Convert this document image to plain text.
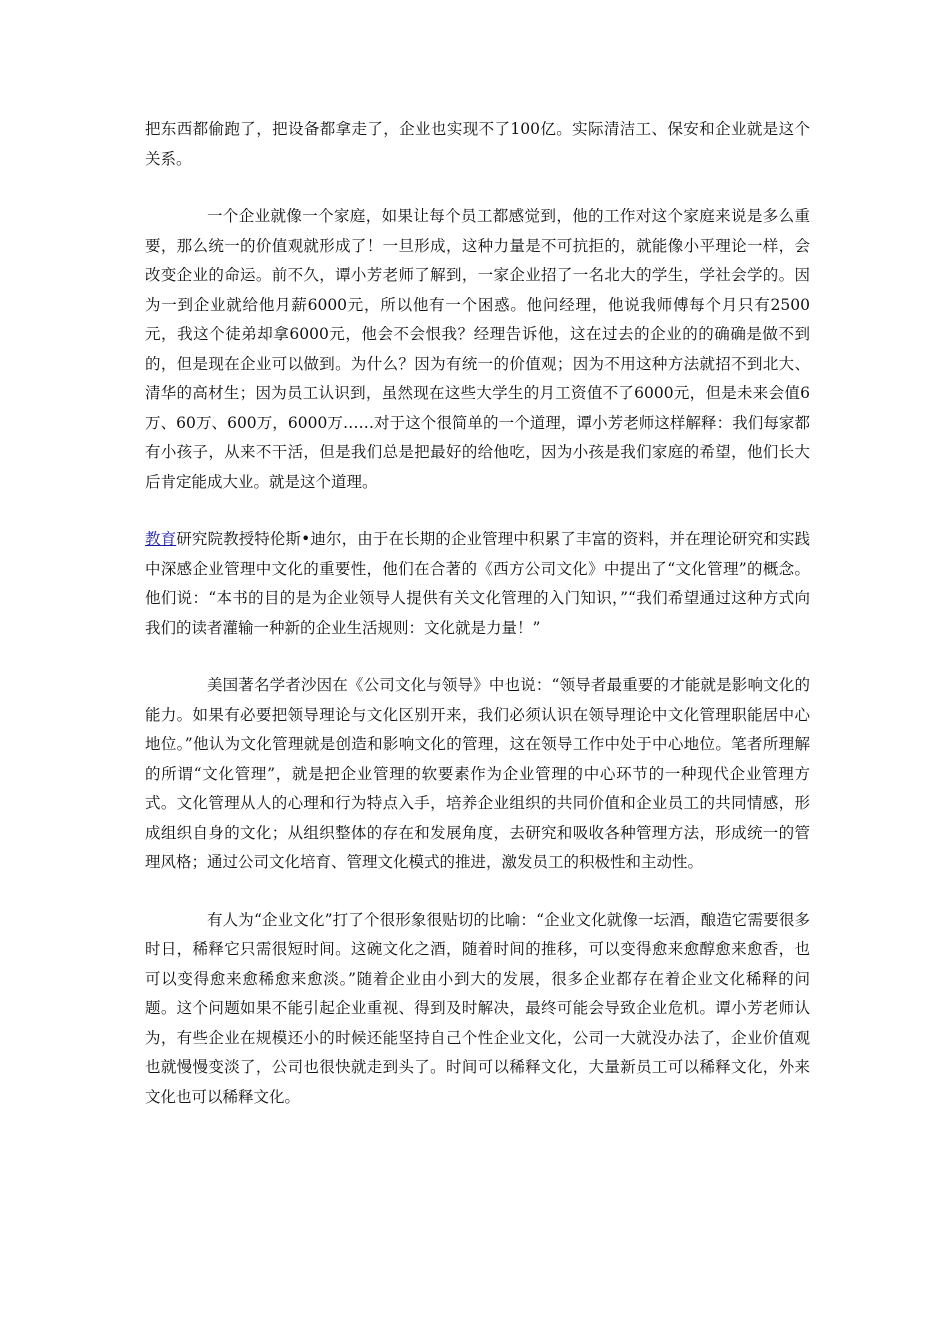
把东西都偷跑了，把设备都拿走了，企业也实现不了100亿。实际清洁工、保安和企业就是这个关系。

一个企业就像一个家庭，如果让每个员工都感觉到，他的工作对这个家庭来说是多么重要，那么统一的价值观就形成了！一旦形成，这种力量是不可抗拒的，就能像小平理论一样，会改变企业的命运。前不久，谭小芳老师了解到，一家企业招了一名北大的学生，学社会学的。因为一到企业就给他月薪6000元，所以他有一个困惑。他问经理，他说我师傅每个月只有2500元，我这个徒弟却拿6000元，他会不会恨我？经理告诉他，这在过去的企业的的确确是做不到的，但是现在企业可以做到。为什么？因为有统一的价值观；因为不用这种方法就招不到北大、清华的高材生；因为员工认识到，虽然现在这些大学生的月工资值不了6000元，但是未来会值6万、60万、600万，6000万……对于这个很简单的一个道理，谭小芳老师这样解释：我们每家都有小孩子，从来不干活，但是我们总是把最好的给他吃，因为小孩是我们家庭的希望，他们长大后肯定能成大业。就是这个道理。

教育研究院教授特伦斯•迪尔，由于在长期的企业管理中积累了丰富的资料，并在理论研究和实践中深感企业管理中文化的重要性，他们在合著的《西方公司文化》中提出了“文化管理”的概念。他们说：“本书的目的是为企业领导人提供有关文化管理的入门知识，”“我们希望通过这种方式向我们的读者灌输一种新的企业生活规则：文化就是力量！”

美国著名学者沙因在《公司文化与领导》中也说：“领导者最重要的才能就是影响文化的能力。如果有必要把领导理论与文化区别开来，我们必须认识在领导理论中文化管理职能居中心地位。”他认为文化管理就是创造和影响文化的管理，这在领导工作中处于中心地位。笔者所理解的所谓“文化管理”，就是把企业管理的软要素作为企业管理的中心环节的一种现代企业管理方式。文化管理从人的心理和行为特点入手，培养企业组织的共同价值和企业员工的共同情感，形成组织自身的文化；从组织整体的存在和发展角度，去研究和吸收各种管理方法，形成统一的管理风格；通过公司文化培育、管理文化模式的推进，激发员工的积极性和主动性。

有人为“企业文化”打了个很形象很贴切的比喻：“企业文化就像一坛酒，酿造它需要很多时日，稀释它只需很短时间。这碗文化之酒，随着时间的推移，可以变得愈来愈醇愈来愈香，也可以变得愈来愈稀愈来愈淡。”随着企业由小到大的发展，很多企业都存在着企业文化稀释的问题。这个问题如果不能引起企业重视、得到及时解决，最终可能会导致企业危机。谭小芳老师认为，有些企业在规模还小的时候还能坚持自己个性企业文化，公司一大就没办法了，企业价值观也就慢慢变淡了，公司也很快就走到头了。时间可以稀释文化，大量新员工可以稀释文化，外来文化也可以稀释文化。
